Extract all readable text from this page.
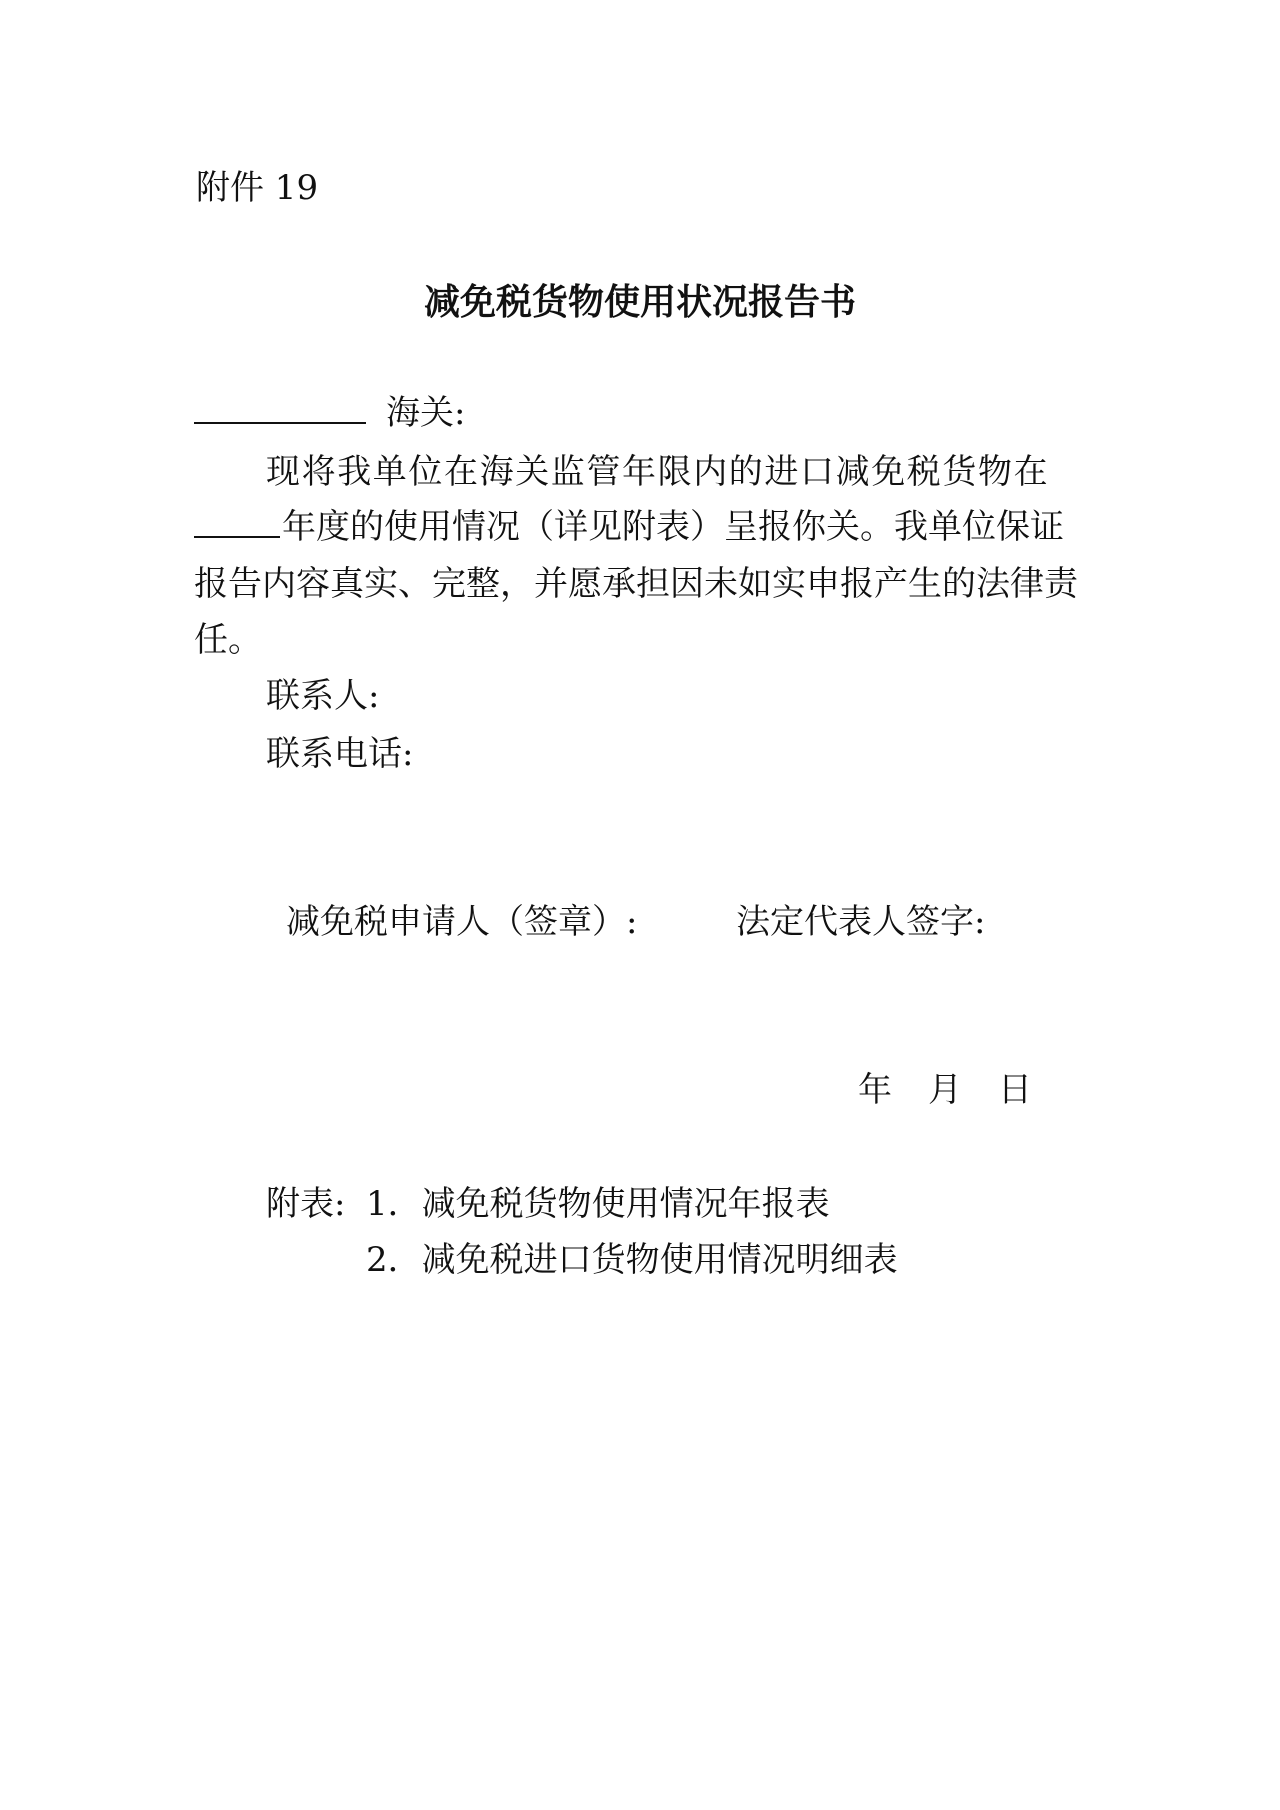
附件 19
减免税货物使用状况报告书
海关:
现将我单位在海关监管年限内的进口减免税货物在
年度的使用情况（详见附表）呈报你关。我单位保证
报告内容真实、完整，并愿承担因未如实申报产生的法律责
任。
联系人:
联系电话:
减免税申请人（签章）:	法定代表人签字:
年 月 日
附表: 1．减免税货物使用情况年报表
2．减免税进口货物使用情况明细表
